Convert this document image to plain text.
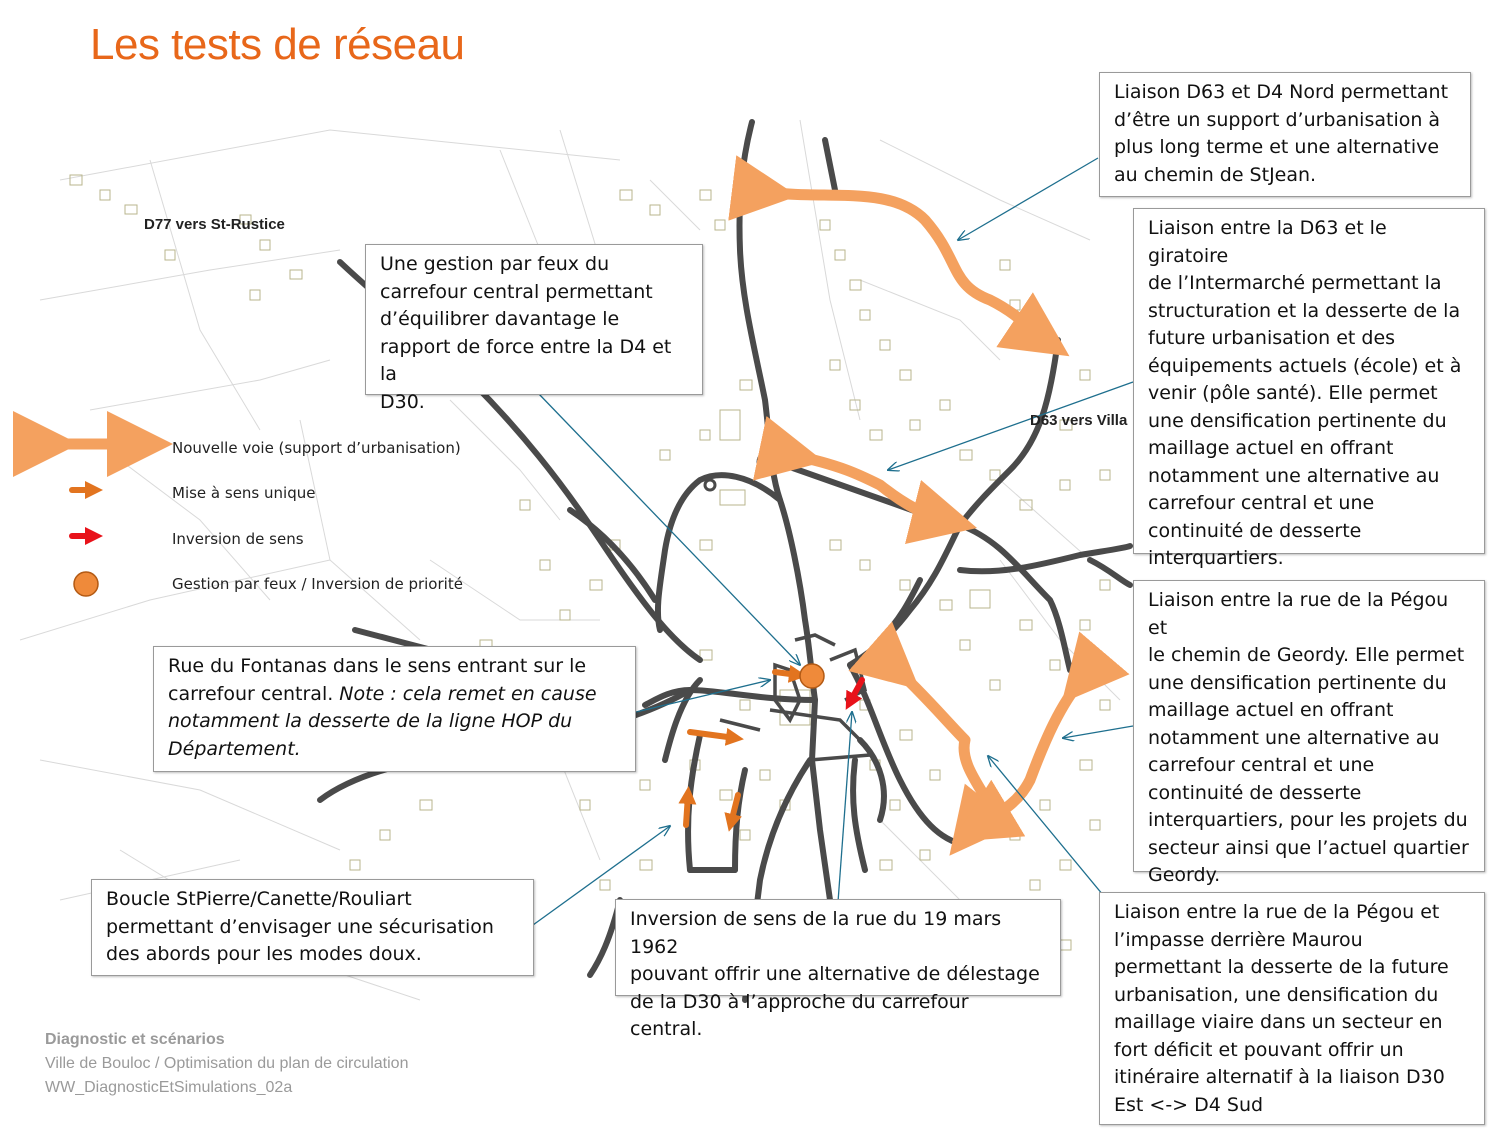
Les tests de réseau
D77 vers St-Rustice
D63 vers Villa
Nouvelle voie (support d’urbanisation)
Mise à sens unique
Inversion de sens
Gestion par feux / Inversion de priorité
Liaison D63 et D4 Nord permettant
d’être un support d’urbanisation à
plus long terme et une alternative
au chemin de StJean.
Une gestion par feux du
carrefour central permettant
d’équilibrer davantage le
rapport de force entre la D4 et la
D30.
Liaison entre la D63 et le giratoire
de l’Intermarché permettant la
structuration et la desserte de la
future urbanisation et des
équipements actuels (école) et à
venir (pôle santé). Elle permet
une densification pertinente du
maillage actuel en offrant
notamment une alternative au
carrefour central et une
continuité de desserte
interquartiers.
Liaison entre la rue de la Pégou et
le chemin de Geordy. Elle permet
une densification pertinente du
maillage actuel en offrant
notamment une alternative au
carrefour central et une
continuité de desserte
interquartiers, pour les projets du
secteur ainsi que l’actuel quartier
Geordy.
Rue du Fontanas dans le sens entrant sur le
carrefour central. Note : cela remet en cause
notamment la desserte de la ligne HOP du
Département.
Boucle StPierre/Canette/Rouliart
permettant d’envisager une sécurisation
des abords pour les modes doux.
Inversion de sens de la rue du 19 mars 1962
pouvant offrir une alternative de délestage
de la D30 à l’approche du carrefour central.
Liaison entre la rue de la Pégou et
l’impasse derrière Maurou
permettant la desserte de la future
urbanisation, une densification du
maillage viaire dans un secteur en
fort déficit et pouvant offrir un
itinéraire alternatif à la liaison D30
Est <-> D4 Sud
Diagnostic et scénarios
Ville de Bouloc / Optimisation du plan de circulation
WW_DiagnosticEtSimulations_02a
